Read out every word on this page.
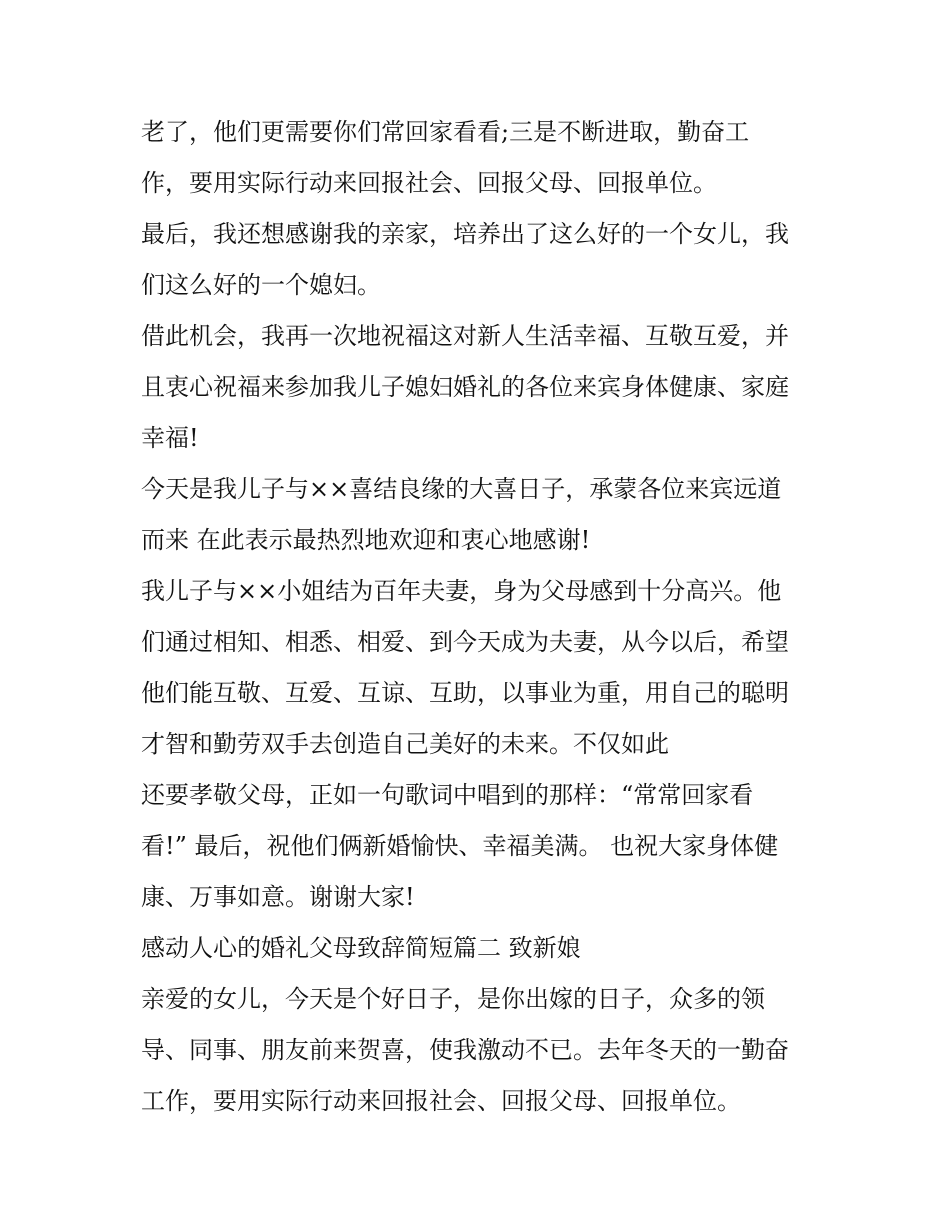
老了，他们更需要你们常回家看看;三是不断进取，勤奋工
作，要用实际行动来回报社会、回报父母、回报单位。
最后，我还想感谢我的亲家，培养出了这么好的一个女儿，我
们这么好的一个媳妇。
借此机会，我再一次地祝福这对新人生活幸福、互敬互爱，并
且衷心祝福来参加我儿子媳妇婚礼的各位来宾身体健康、家庭
幸福!
今天是我儿子与××喜结良缘的大喜日子，承蒙各位来宾远道
而来 在此表示最热烈地欢迎和衷心地感谢!
我儿子与××小姐结为百年夫妻，身为父母感到十分高兴。他
们通过相知、相悉、相爱、到今天成为夫妻，从今以后，希望
他们能互敬、互爱、互谅、互助，以事业为重，用自己的聪明
才智和勤劳双手去创造自己美好的未来。不仅如此
还要孝敬父母，正如一句歌词中唱到的那样：“常常回家看
看!” 最后，祝他们俩新婚愉快、幸福美满。 也祝大家身体健
康、万事如意。谢谢大家!
感动人心的婚礼父母致辞简短篇二 致新娘
亲爱的女儿，今天是个好日子，是你出嫁的日子，众多的领
导、同事、朋友前来贺喜，使我激动不已。去年冬天的一勤奋
工作，要用实际行动来回报社会、回报父母、回报单位。
